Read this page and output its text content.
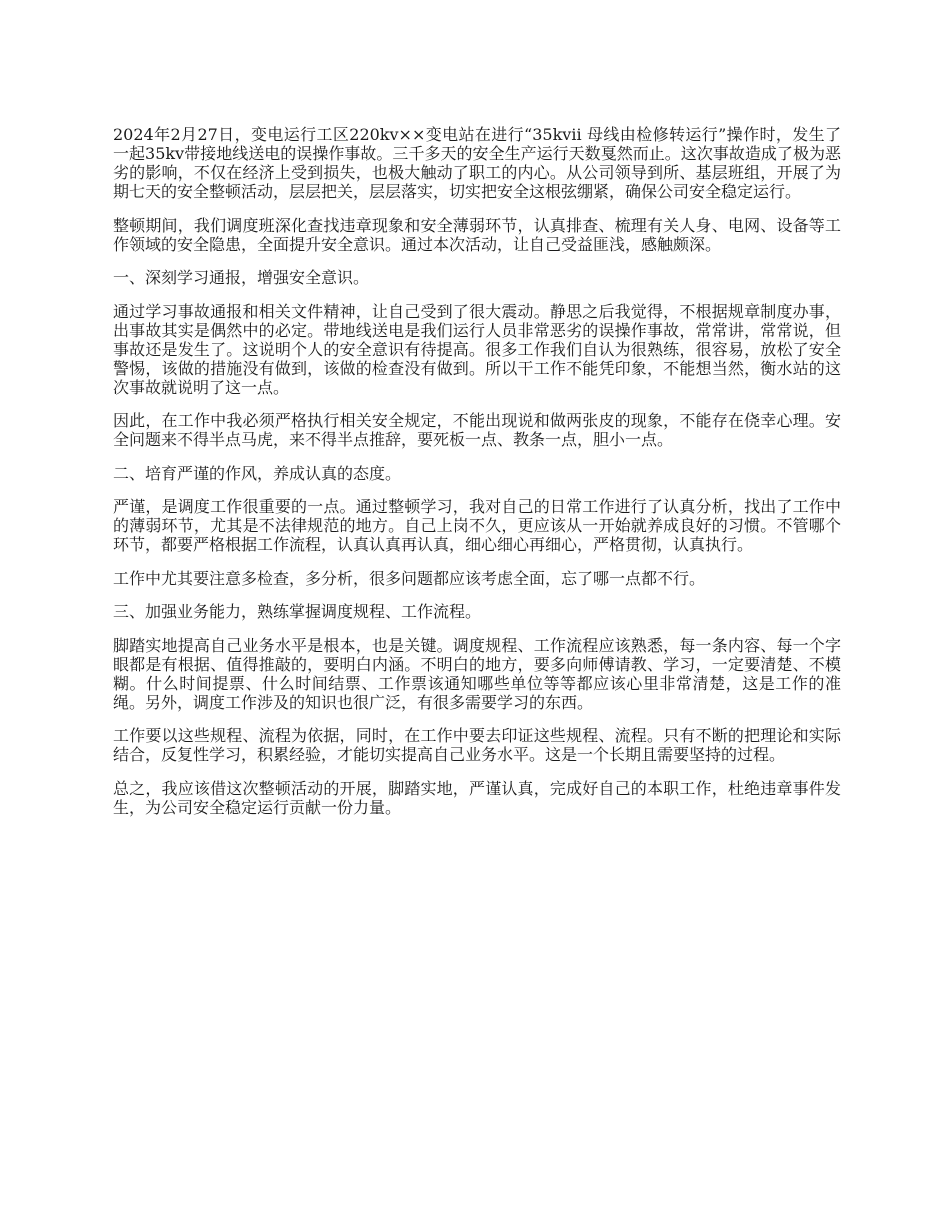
2024年2月27日，变电运行工区220kv××变电站在进行“35kvii 母线由检修转运行”操作时，发生了一起35kv带接地线送电的误操作事故。三千多天的安全生产运行天数戛然而止。这次事故造成了极为恶劣的影响，不仅在经济上受到损失，也极大触动了职工的内心。从公司领导到所、基层班组，开展了为期七天的安全整顿活动，层层把关，层层落实，切实把安全这根弦绷紧，确保公司安全稳定运行。

整顿期间，我们调度班深化查找违章现象和安全薄弱环节，认真排查、梳理有关人身、电网、设备等工作领域的安全隐患，全面提升安全意识。通过本次活动，让自己受益匪浅，感触颇深。

一、深刻学习通报，增强安全意识。

通过学习事故通报和相关文件精神，让自己受到了很大震动。静思之后我觉得，不根据规章制度办事，出事故其实是偶然中的必定。带地线送电是我们运行人员非常恶劣的误操作事故，常常讲，常常说，但事故还是发生了。这说明个人的安全意识有待提高。很多工作我们自认为很熟练，很容易，放松了安全警惕，该做的措施没有做到，该做的检查没有做到。所以干工作不能凭印象，不能想当然，衡水站的这次事故就说明了这一点。

因此，在工作中我必须严格执行相关安全规定，不能出现说和做两张皮的现象，不能存在侥幸心理。安全问题来不得半点马虎，来不得半点推辞，要死板一点、教条一点，胆小一点。

二、培育严谨的作风，养成认真的态度。

严谨，是调度工作很重要的一点。通过整顿学习，我对自己的日常工作进行了认真分析，找出了工作中的薄弱环节，尤其是不法律规范的地方。自己上岗不久，更应该从一开始就养成良好的习惯。不管哪个环节，都要严格根据工作流程，认真认真再认真，细心细心再细心，严格贯彻，认真执行。

工作中尤其要注意多检查，多分析，很多问题都应该考虑全面，忘了哪一点都不行。

三、加强业务能力，熟练掌握调度规程、工作流程。

脚踏实地提高自己业务水平是根本，也是关键。调度规程、工作流程应该熟悉，每一条内容、每一个字眼都是有根据、值得推敲的，要明白内涵。不明白的地方，要多向师傅请教、学习，一定要清楚、不模糊。什么时间提票、什么时间结票、工作票该通知哪些单位等等都应该心里非常清楚，这是工作的准绳。另外，调度工作涉及的知识也很广泛，有很多需要学习的东西。

工作要以这些规程、流程为依据，同时，在工作中要去印证这些规程、流程。只有不断的把理论和实际结合，反复性学习，积累经验，才能切实提高自己业务水平。这是一个长期且需要坚持的过程。

总之，我应该借这次整顿活动的开展，脚踏实地，严谨认真，完成好自己的本职工作，杜绝违章事件发生，为公司安全稳定运行贡献一份力量。
